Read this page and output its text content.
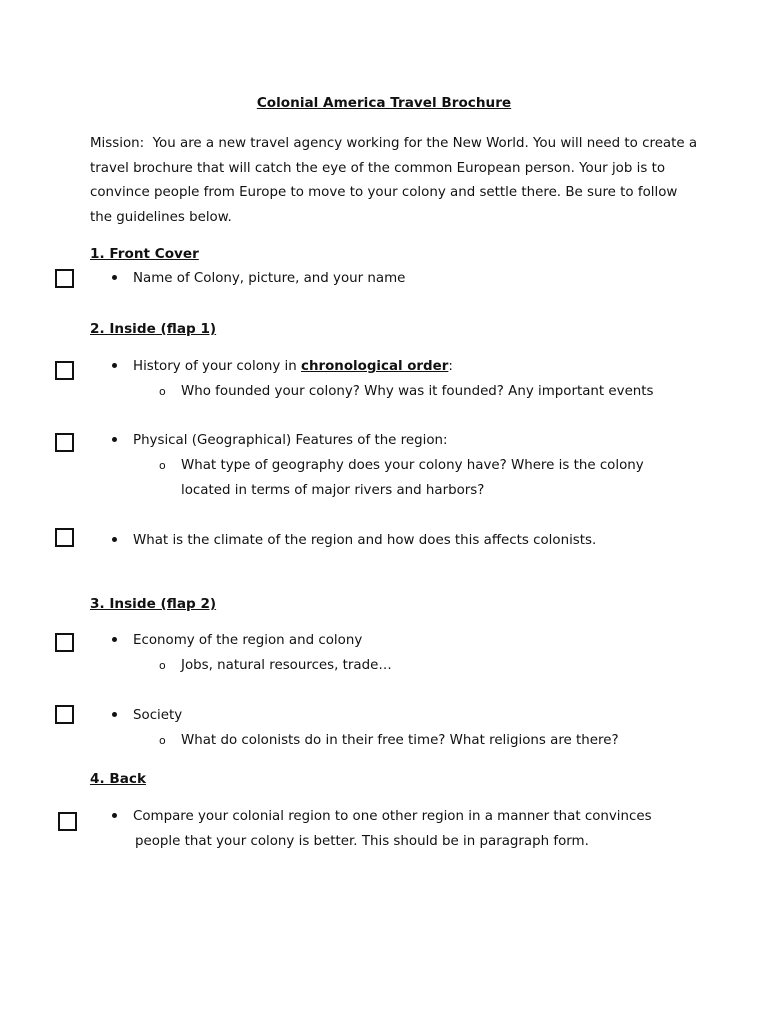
Colonial America Travel Brochure
Mission: You are a new travel agency working for the New World. You will need to create a travel brochure that will catch the eye of the common European person. Your job is to convince people from Europe to move to your colony and settle there. Be sure to follow the guidelines below.
1. Front Cover
Name of Colony, picture, and your name
2. Inside (flap 1)
History of your colony in chronological order:
o Who founded your colony? Why was it founded? Any important events
Physical (Geographical) Features of the region:
o What type of geography does your colony have? Where is the colony
located in terms of major rivers and harbors?
What is the climate of the region and how does this affects colonists.
3. Inside (flap 2)
Economy of the region and colony
o Jobs, natural resources, trade…
Society
o What do colonists do in their free time? What religions are there?
4. Back
Compare your colonial region to one other region in a manner that convinces
people that your colony is better. This should be in paragraph form.
